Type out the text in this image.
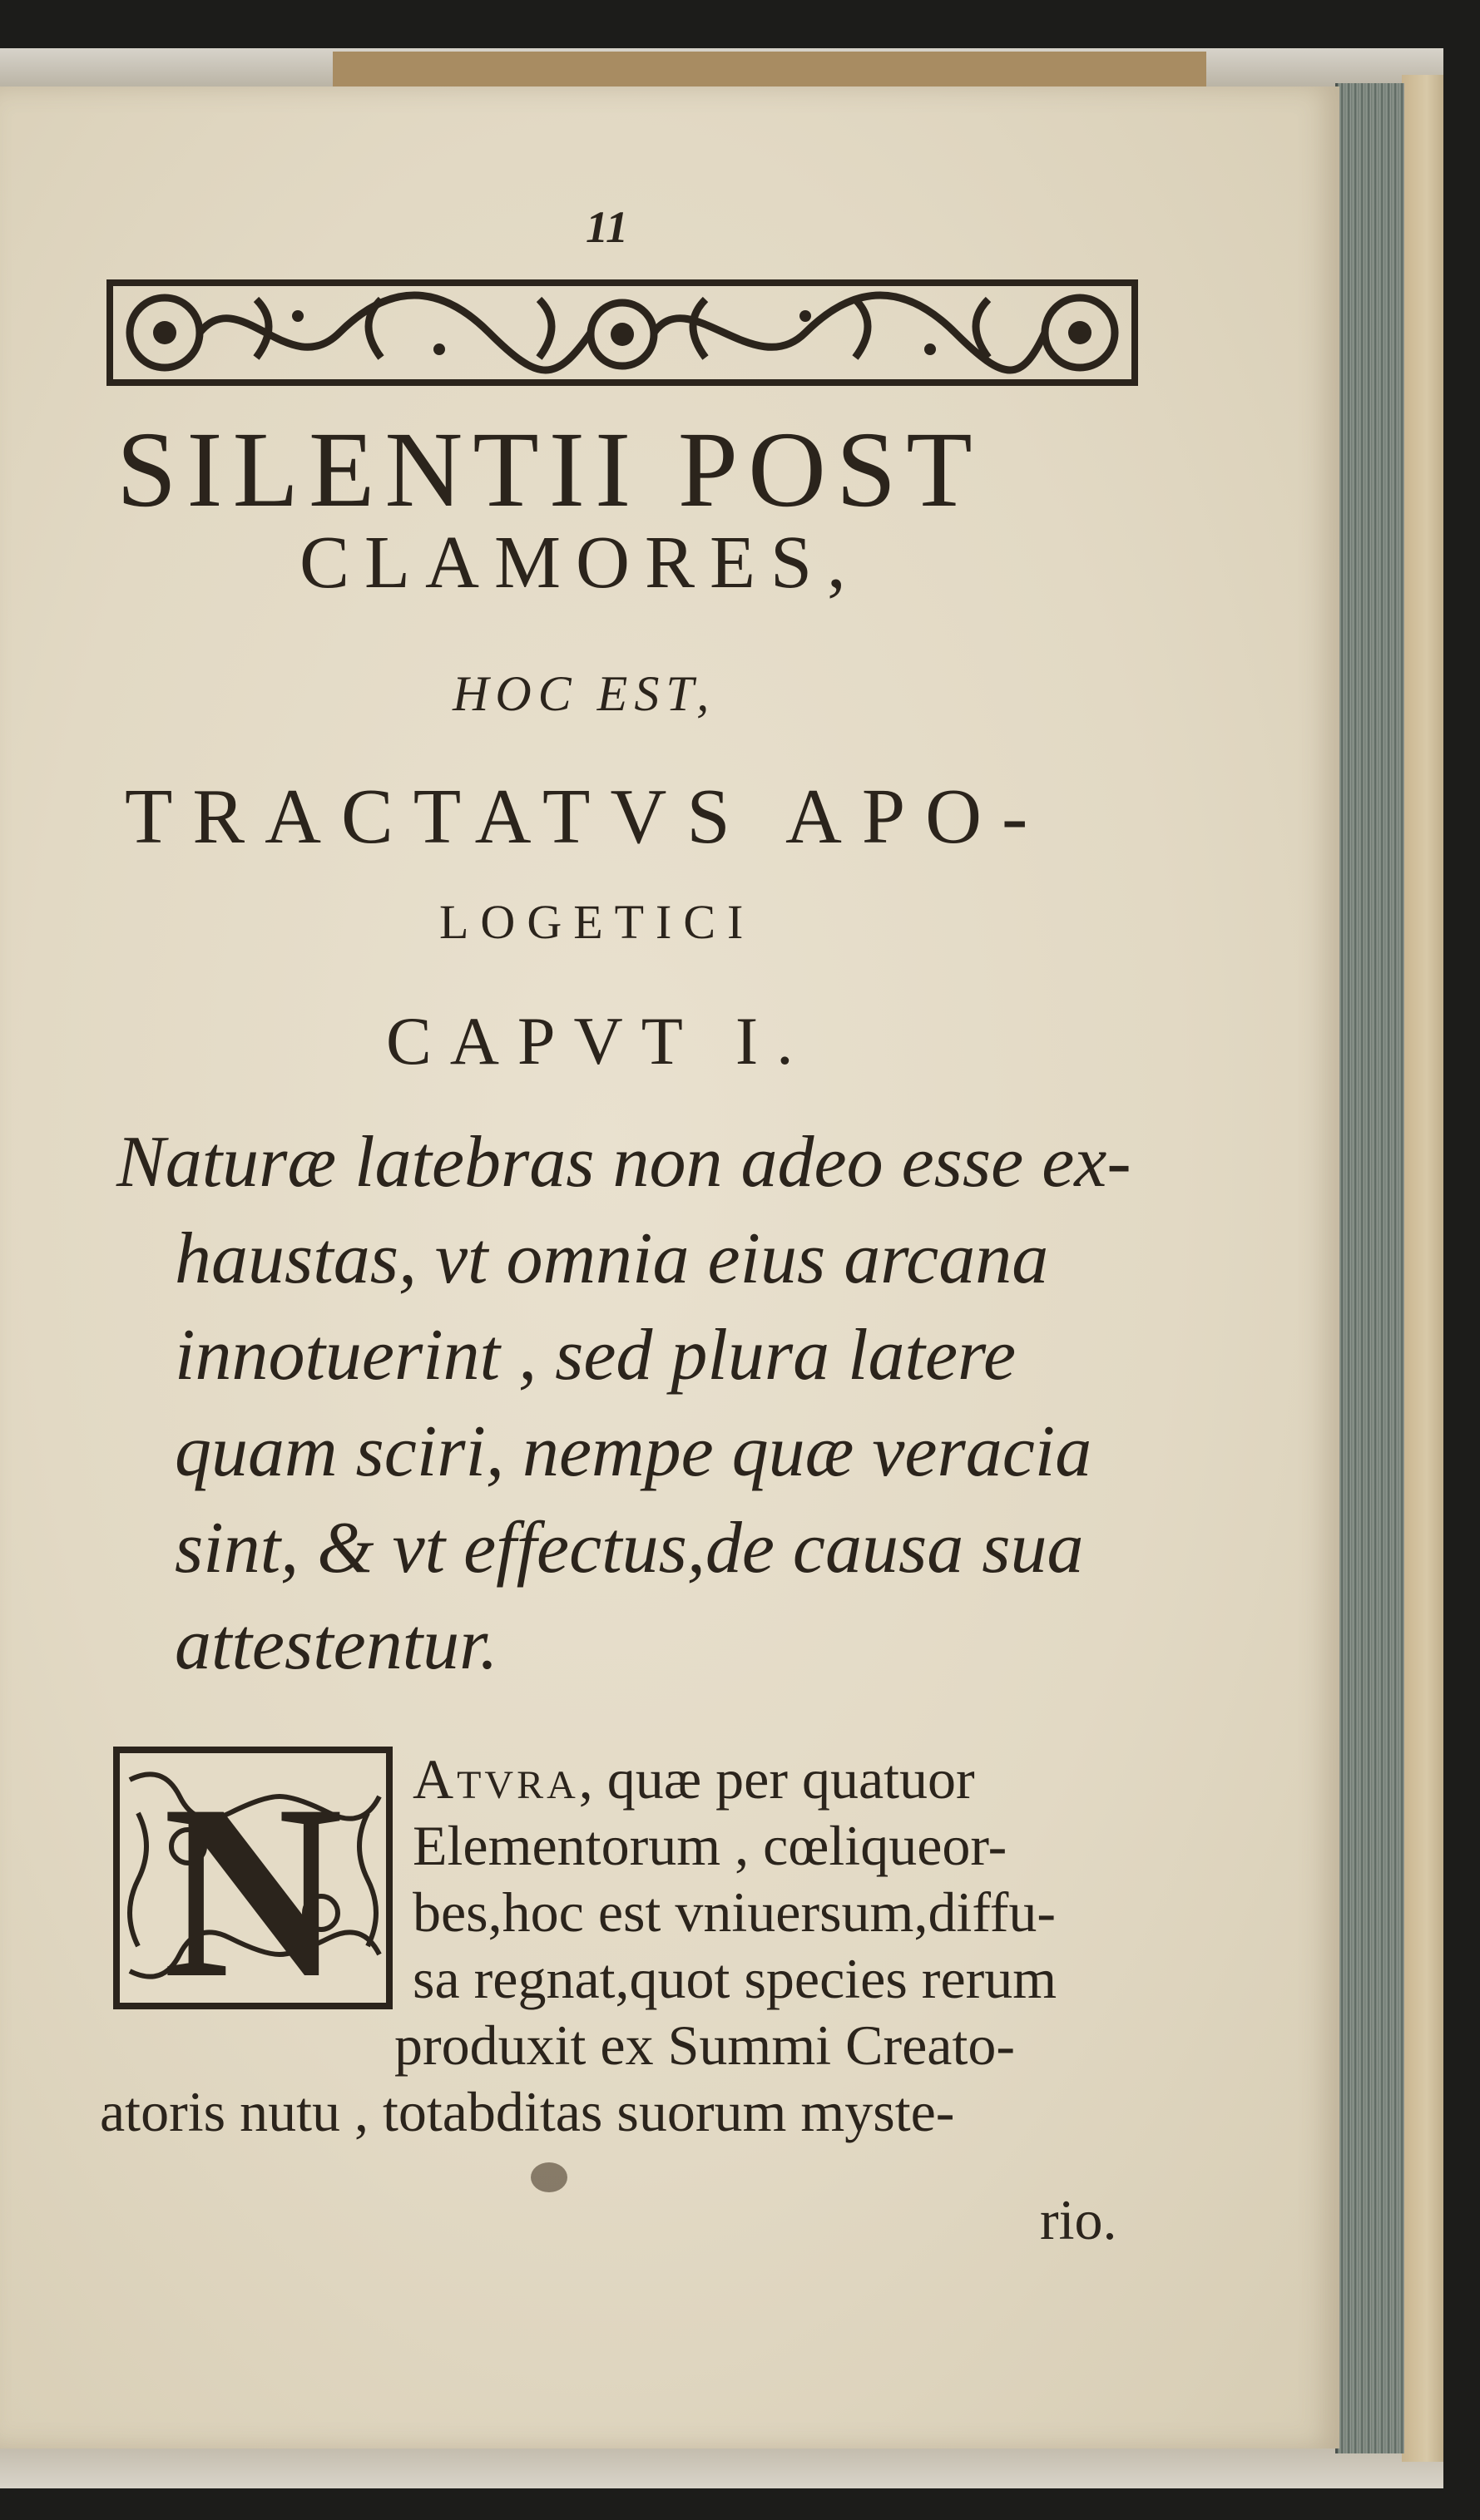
11

SILENTII POST

CLAMORES,

HOC EST,

TRACTATVS APO-

LOGETICI

CAPVT I.

Naturæ latebras non adeo esse ex-
haustas, vt omnia eius arcana
innotuerint , sed plura latere
quam sciri, nempe quæ veracia
sint, & vt effectus,de causa sua
attestentur.
N Atvra, quæ per quatuor
Elementorum , cœliqueor-
bes,hoc est vniuersum,diffu-
sa regnat,quot species rerum
produxit ex Summi Creato-
atoris nutu , totabditas suorum myste-
rio.
